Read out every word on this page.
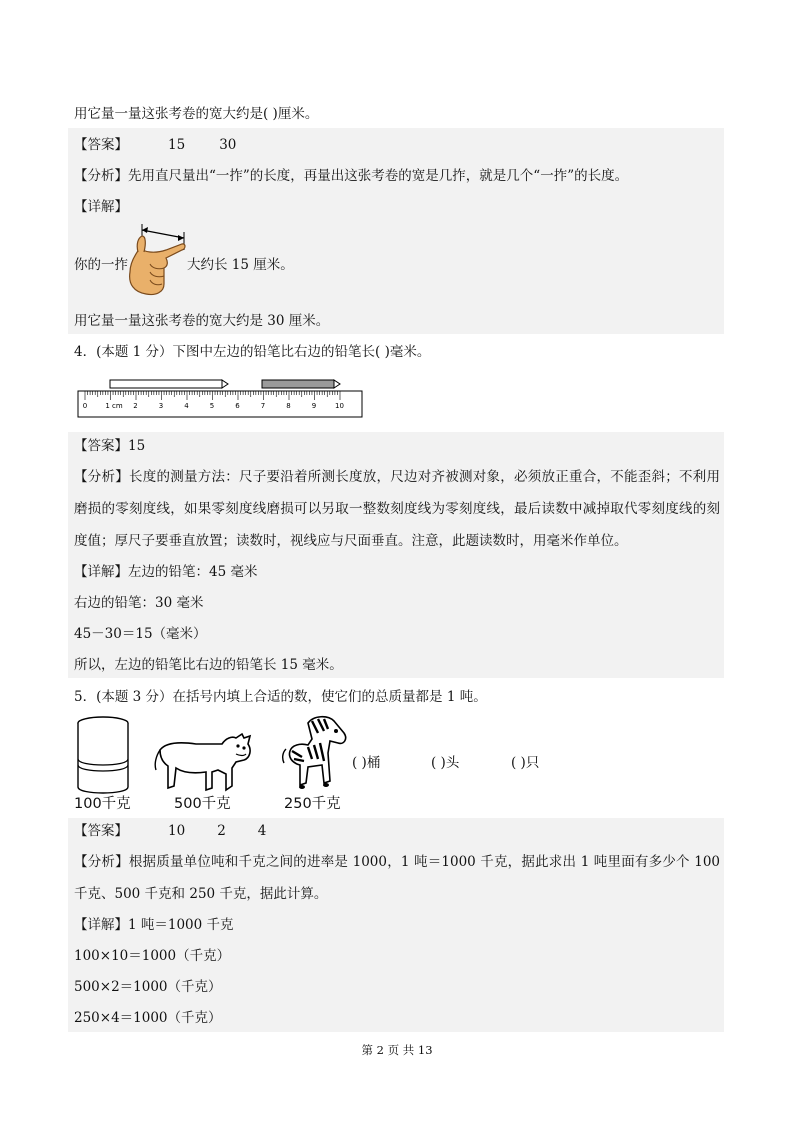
用它量一量这张考卷的宽大约是( )厘米。
【答案】	15	30
【分析】先用直尺量出“一拃”的长度，再量出这张考卷的宽是几拃，就是几个“一拃”的长度。
【详解】
你的一拃	大约长 15 厘米。
用它量一量这张考卷的宽大约是 30 厘米。
4．(本题 1 分）下图中左边的铅笔比右边的铅笔长( )毫米。
0	1 cm 2	3	4	5	6	7	8	9	10
【答案】15
【分析】长度的测量方法：尺子要沿着所测长度放，尺边对齐被测对象，必须放正重合，不能歪斜；不利用磨损的零刻度线，如果零刻度线磨损可以另取一整数刻度线为零刻度线，最后读数中减掉取代零刻度线的刻度值；厚尺子要垂直放置；读数时，视线应与尺面垂直。注意，此题读数时，用毫米作单位。
【详解】左边的铅笔：45 毫米
右边的铅笔：30 毫米
45－30＝15（毫米）
所以，左边的铅笔比右边的铅笔长 15 毫米。
5．(本题 3 分）在括号内填上合适的数，使它们的总质量都是 1 吨。
100千克	500千克	250千克
( )桶	( )头	( )只
【答案】	10 2 4
【分析】根据质量单位吨和千克之间的进率是 1000，1 吨＝1000 千克，据此求出 1 吨里面有多少个 100 千克、500 千克和 250 千克，据此计算。
【详解】1 吨＝1000 千克
100×10＝1000（千克）
500×2＝1000（千克）
250×4＝1000（千克）
第 2 页 共 13
